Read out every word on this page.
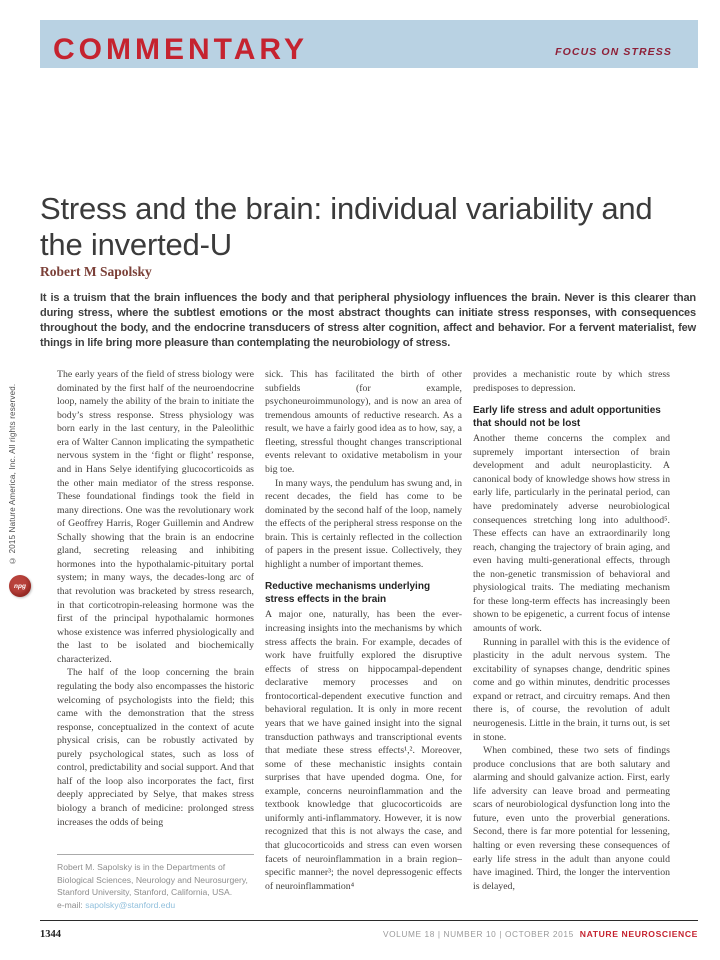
© 2015 Nature America, Inc. All rights reserved.
npg
COMMENTARY	FOCUS ON STRESS
Stress and the brain: individual variability and the inverted-U
Robert M Sapolsky
It is a truism that the brain influences the body and that peripheral physiology influences the brain. Never is this clearer than during stress, where the subtlest emotions or the most abstract thoughts can initiate stress responses, with consequences throughout the body, and the endocrine transducers of stress alter cognition, affect and behavior. For a fervent materialist, few things in life bring more pleasure than contemplating the neurobiology of stress.

The early years of the field of stress biology were dominated by the first half of the neuroendocrine loop, namely the ability of the brain to initiate the body’s stress response. Stress physiology was born early in the last century, in the Paleolithic era of Walter Cannon implicating the sympathetic nervous system in the ‘fight or flight’ response, and in Hans Selye identifying glucocorticoids as the other main mediator of the stress response. These foundational findings took the field in many directions. One was the revolutionary work of Geoffrey Harris, Roger Guillemin and Andrew Schally showing that the brain is an endocrine gland, secreting releasing and inhibiting hormones into the hypothalamic-pituitary portal system; in many ways, the decades-long arc of that revolution was bracketed by stress research, in that corticotropin-releasing hormone was the first of the principal hypothalamic hormones whose existence was inferred physiologically and the last to be isolated and biochemically characterized.

The half of the loop concerning the brain regulating the body also encompasses the historic welcoming of psychologists into the field; this came with the demonstration that the stress response, conceptualized in the context of acute physical crisis, can be robustly activated by purely psychological states, such as loss of control, predictability and social support. And that half of the loop also incorporates the fact, first deeply appreciated by Selye, that makes stress biology a branch of medicine: prolonged stress increases the odds of being

Robert M. Sapolsky is in the Departments of Biological Sciences, Neurology and Neurosurgery, Stanford University, Stanford, California, USA.

e-mail: sapolsky@stanford.edu

sick. This has facilitated the birth of other subfields (for example, psychoneuroimmunology), and is now an area of tremendous amounts of reductive research. As a result, we have a fairly good idea as to how, say, a fleeting, stressful thought changes transcriptional events relevant to oxidative metabolism in your big toe.

In many ways, the pendulum has swung and, in recent decades, the field has come to be dominated by the second half of the loop, namely the effects of the peripheral stress response on the brain. This is certainly reflected in the collection of papers in the present issue. Collectively, they highlight a number of important themes.

Reductive mechanisms underlying stress effects in the brain

A major one, naturally, has been the ever-increasing insights into the mechanisms by which stress affects the brain. For example, decades of work have fruitfully explored the disruptive effects of stress on hippocampal-dependent declarative memory processes and on frontocortical-dependent executive function and behavioral regulation. It is only in more recent years that we have gained insight into the signal transduction pathways and transcriptional events that mediate these stress effects¹,². Moreover, some of these mechanistic insights contain surprises that have upended dogma. One, for example, concerns neuroinflammation and the textbook knowledge that glucocorticoids are uniformly anti-inflammatory. However, it is now recognized that this is not always the case, and that glucocorticoids and stress can even worsen facets of neuroinflammation in a brain region–specific manner³; the novel depressogenic effects of neuroinflammation⁴

provides a mechanistic route by which stress predisposes to depression.

Early life stress and adult opportunities that should not be lost

Another theme concerns the complex and supremely important intersection of brain development and adult neuroplasticity. A canonical body of knowledge shows how stress in early life, particularly in the perinatal period, can have predominately adverse neurobiological consequences stretching long into adulthood⁵. These effects can have an extraordinarily long reach, changing the trajectory of brain aging, and even having multi-generational effects, through the non-genetic transmission of behavioral and physiological traits. The mediating mechanism for these long-term effects has increasingly been shown to be epigenetic, a current focus of intense amounts of work.

Running in parallel with this is the evidence of plasticity in the adult nervous system. The excitability of synapses change, dendritic spines come and go within minutes, dendritic processes expand or retract, and circuitry remaps. And then there is, of course, the revolution of adult neurogenesis. Little in the brain, it turns out, is set in stone.

When combined, these two sets of findings produce conclusions that are both salutary and alarming and should galvanize action. First, early life adversity can leave broad and permeating scars of neurobiological dysfunction long into the future, even unto the proverbial generations. Second, there is far more potential for lessening, halting or even reversing these consequences of early life stress in the adult than anyone could have imagined. Third, the longer the intervention is delayed,

1344	VOLUME 18 | NUMBER 10 | OCTOBER 2015 NATURE NEUROSCIENCE
